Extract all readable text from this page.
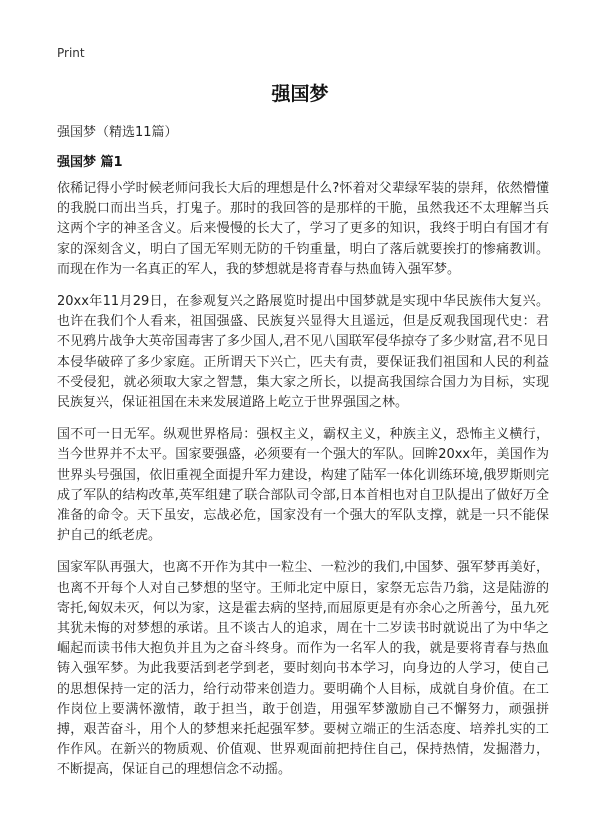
Print
强国梦
强国梦（精选11篇）
强国梦 篇1

依稀记得小学时候老师问我长大后的理想是什么?怀着对父辈绿军装的崇拜，依然懵懂的我脱口而出当兵，打鬼子。那时的我回答的是那样的干脆，虽然我还不太理解当兵这两个字的神圣含义。后来慢慢的长大了，学习了更多的知识，我终于明白有国才有家的深刻含义，明白了国无军则无防的千钧重量，明白了落后就要挨打的惨痛教训。而现在作为一名真正的军人，我的梦想就是将青春与热血铸入强军梦。

20xx年11月29日，在参观复兴之路展览时提出中国梦就是实现中华民族伟大复兴。也许在我们个人看来，祖国强盛、民族复兴显得大且遥远，但是反观我国现代史：君不见鸦片战争大英帝国毒害了多少国人,君不见八国联军侵华掠夺了多少财富,君不见日本侵华破碎了多少家庭。正所谓天下兴亡，匹夫有责，要保证我们祖国和人民的利益不受侵犯，就必须取大家之智慧，集大家之所长，以提高我国综合国力为目标，实现民族复兴，保证祖国在未来发展道路上屹立于世界强国之林。

国不可一日无军。纵观世界格局：强权主义，霸权主义，种族主义，恐怖主义横行，当今世界并不太平。国家要强盛，必须要有一个强大的军队。回眸20xx年，美国作为世界头号强国，依旧重视全面提升军力建设，构建了陆军一体化训练环境,俄罗斯则完成了军队的结构改革,英军组建了联合部队司令部,日本首相也对自卫队提出了做好万全准备的命令。天下虽安，忘战必危，国家没有一个强大的军队支撑，就是一只不能保护自己的纸老虎。

国家军队再强大，也离不开作为其中一粒尘、一粒沙的我们,中国梦、强军梦再美好，也离不开每个人对自己梦想的坚守。王师北定中原日，家祭无忘告乃翁，这是陆游的寄托,匈奴未灭，何以为家，这是霍去病的坚持,而屈原更是有亦余心之所善兮，虽九死其犹未悔的对梦想的承诺。且不谈古人的追求，周在十二岁读书时就说出了为中华之崛起而读书伟大抱负并且为之奋斗终身。而作为一名军人的我，就是要将青春与热血铸入强军梦。为此我要活到老学到老，要时刻向书本学习，向身边的人学习，使自己的思想保持一定的活力，给行动带来创造力。要明确个人目标，成就自身价值。在工作岗位上要满怀激情，敢于担当，敢于创造，用强军梦激励自己不懈努力，顽强拼搏，艰苦奋斗，用个人的梦想来托起强军梦。要树立端正的生活态度、培养扎实的工作作风。在新兴的物质观、价值观、世界观面前把持住自己，保持热情，发掘潜力，不断提高，保证自己的理想信念不动摇。
